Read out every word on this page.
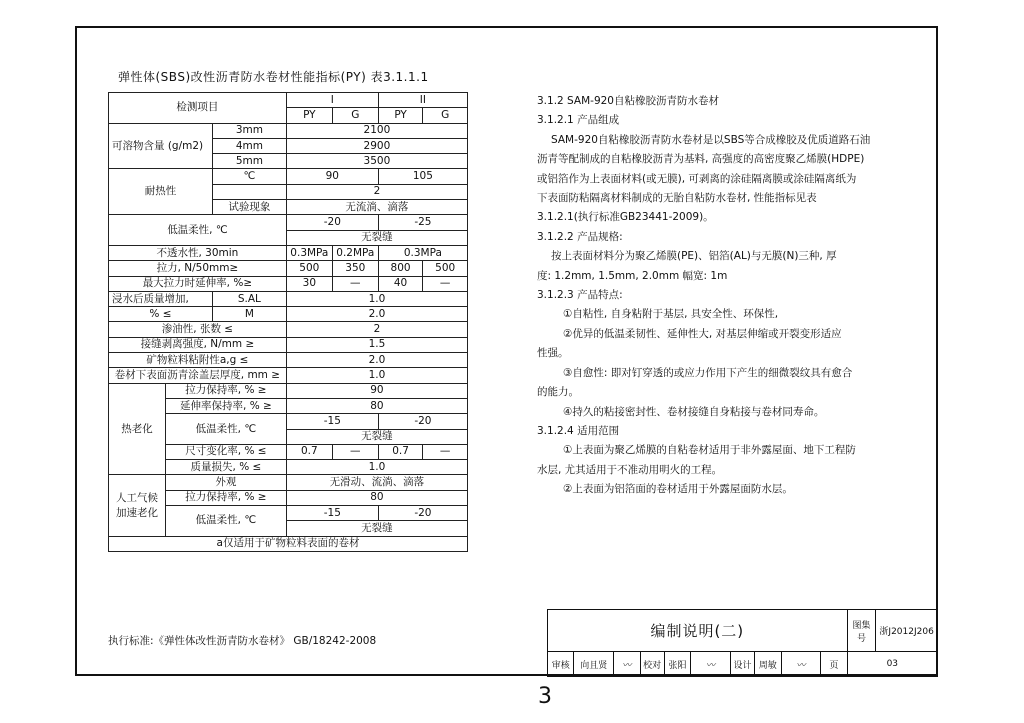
弹性体(SBS)改性沥青防水卷材性能指标(PY) 表3.1.1.1
检测项目			I		II	
			PY	G	PY	G
可溶物含量 (g/m2)		3mm	2100			
		4mm	2900			
		5mm	3500			
耐热性		℃	90		105	
			2			
		试验现象	无流淌、滴落			
低温柔性, ℃			-20		-25	
			无裂缝			
不透水性, 30min			0.3MPa	0.2MPa	0.3MPa	
拉力, N/50mm≥			500	350	800	500
最大拉力时延伸率, %≥			30	—	40	—
浸水后质量增加,		S.AL	1.0			
% ≤		M	2.0			
渗油性, 张数 ≤			2			
接缝剥离强度, N/mm ≥			1.5			
矿物粒料粘附性a,g ≤			2.0			
卷材下表面沥青涂盖层厚度, mm ≥			1.0			
热老化	拉力保持率, % ≥		90			
	延伸率保持率, % ≥		80			
	低温柔性, ℃		-15		-20	
			无裂缝			
	尺寸变化率, % ≤		0.7	—	0.7	—
	质量损失, % ≤		1.0			
人工气候加速老化	外观		无滑动、流淌、滴落			
	拉力保持率, % ≥		80			
	低温柔性, ℃		-15		-20	
			无裂缝			
a仅适用于矿物粒料表面的卷材						
执行标准:《弹性体改性沥青防水卷材》 GB/18242-2008

3.1.2 SAM-920自粘橡胶沥青防水卷材

3.1.2.1 产品组成

SAM-920自粘橡胶沥青防水卷材是以SBS等合成橡胶及优质道路石油

沥青等配制成的自粘橡胶沥青为基料, 高强度的高密度聚乙烯膜(HDPE)

或铝箔作为上表面材料(或无膜), 可剥离的涂硅隔离膜或涂硅隔离纸为

下表面防粘隔离材料制成的无胎自粘防水卷材, 性能指标见表

3.1.2.1(执行标准GB23441-2009)。

3.1.2.2 产品规格:

按上表面材料分为聚乙烯膜(PE)、铝箔(AL)与无膜(N)三种, 厚

度: 1.2mm, 1.5mm, 2.0mm 幅宽: 1m

3.1.2.3 产品特点:

①自粘性, 自身粘附于基层, 具安全性、环保性,

②优异的低温柔韧性、延伸性大, 对基层伸缩或开裂变形适应

性强。

③自愈性: 即对钉穿透的或应力作用下产生的细微裂纹具有愈合

的能力。

④持久的粘接密封性、卷材接缝自身粘接与卷材同寿命。

3.1.2.4 适用范围

①上表面为聚乙烯膜的自粘卷材适用于非外露屋面、地下工程防

水层, 尤其适用于不准动用明火的工程。

②上表面为铝箔面的卷材适用于外露屋面防水层。

编制说明(二)										图集号	浙J2012J206
审核	向且贤	〰	校对	张阳	〰	设计	周敏	〰	页	03	
3
